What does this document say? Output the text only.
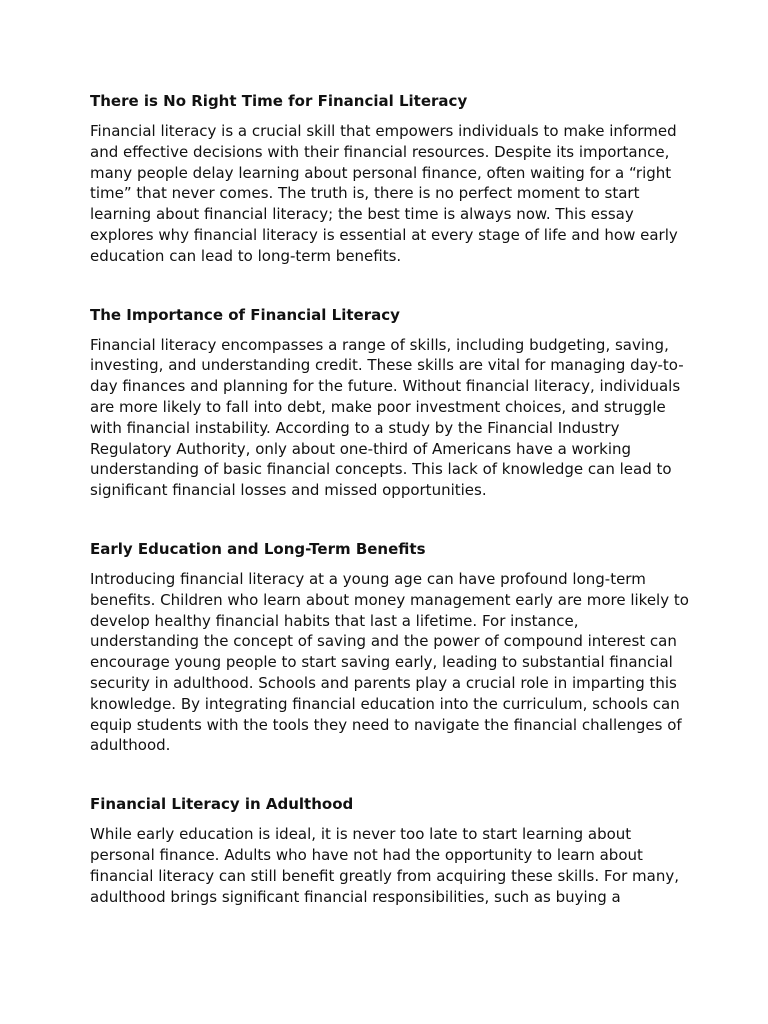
There is No Right Time for Financial Literacy

Financial literacy is a crucial skill that empowers individuals to make informed and effective decisions with their financial resources. Despite its importance, many people delay learning about personal finance, often waiting for a “right time” that never comes. The truth is, there is no perfect moment to start learning about financial literacy; the best time is always now. This essay explores why financial literacy is essential at every stage of life and how early education can lead to long-term benefits.

The Importance of Financial Literacy

Financial literacy encompasses a range of skills, including budgeting, saving, investing, and understanding credit. These skills are vital for managing day-to-day finances and planning for the future. Without financial literacy, individuals are more likely to fall into debt, make poor investment choices, and struggle with financial instability. According to a study by the Financial Industry Regulatory Authority, only about one-third of Americans have a working understanding of basic financial concepts. This lack of knowledge can lead to significant financial losses and missed opportunities.

Early Education and Long-Term Benefits

Introducing financial literacy at a young age can have profound long-term benefits. Children who learn about money management early are more likely to develop healthy financial habits that last a lifetime. For instance, understanding the concept of saving and the power of compound interest can encourage young people to start saving early, leading to substantial financial security in adulthood. Schools and parents play a crucial role in imparting this knowledge. By integrating financial education into the curriculum, schools can equip students with the tools they need to navigate the financial challenges of adulthood.

Financial Literacy in Adulthood

While early education is ideal, it is never too late to start learning about personal finance. Adults who have not had the opportunity to learn about financial literacy can still benefit greatly from acquiring these skills. For many, adulthood brings significant financial responsibilities, such as buying a
